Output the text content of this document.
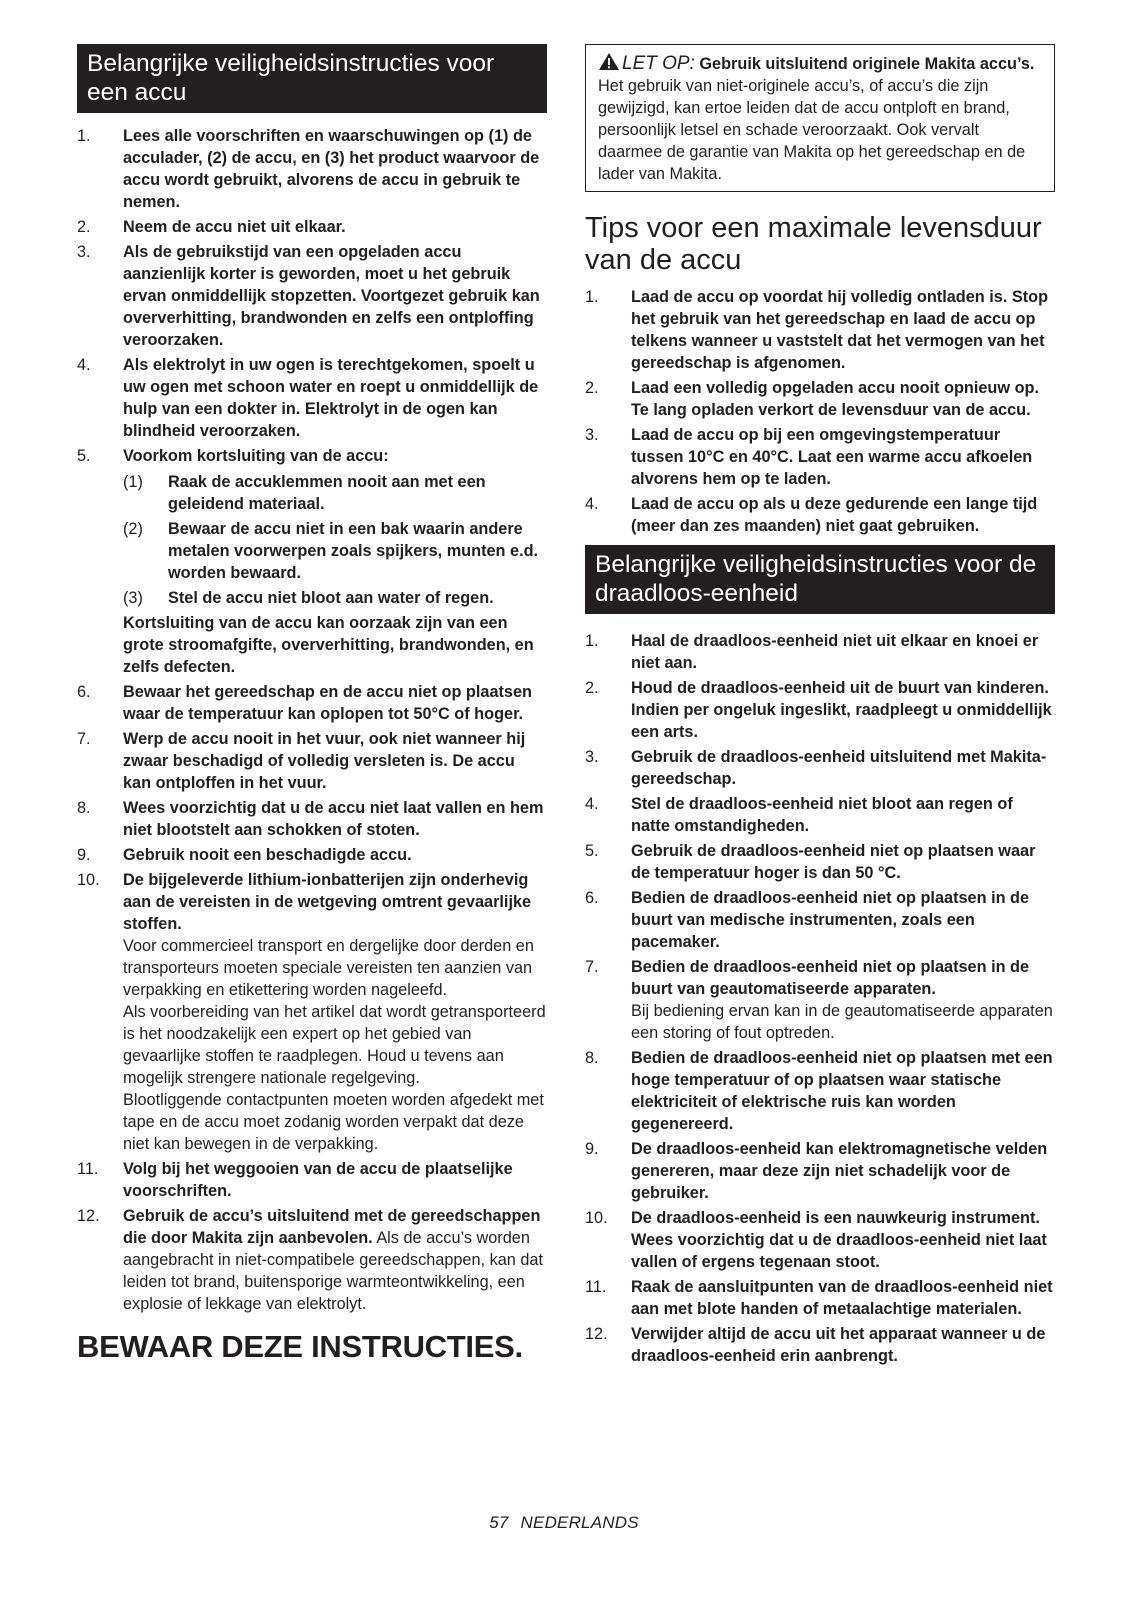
Belangrijke veiligheidsinstructies voor een accu
1. Lees alle voorschriften en waarschuwingen op (1) de acculader, (2) de accu, en (3) het product waarvoor de accu wordt gebruikt, alvorens de accu in gebruik te nemen.
2. Neem de accu niet uit elkaar.
3. Als de gebruikstijd van een opgeladen accu aanzienlijk korter is geworden, moet u het gebruik ervan onmiddellijk stopzetten. Voortgezet gebruik kan oververhitting, brandwonden en zelfs een ontploffing veroorzaken.
4. Als elektrolyt in uw ogen is terechtgekomen, spoelt u uw ogen met schoon water en roept u onmiddellijk de hulp van een dokter in. Elektrolyt in de ogen kan blindheid veroorzaken.
5. Voorkom kortsluiting van de accu:
(1) Raak de accuklemmen nooit aan met een geleidend materiaal.
(2) Bewaar de accu niet in een bak waarin andere metalen voorwerpen zoals spijkers, munten e.d. worden bewaard.
(3) Stel de accu niet bloot aan water of regen.
Kortsluiting van de accu kan oorzaak zijn van een grote stroomafgifte, oververhitting, brandwonden, en zelfs defecten.
6. Bewaar het gereedschap en de accu niet op plaatsen waar de temperatuur kan oplopen tot 50°C of hoger.
7. Werp de accu nooit in het vuur, ook niet wanneer hij zwaar beschadigd of volledig versleten is. De accu kan ontploffen in het vuur.
8. Wees voorzichtig dat u de accu niet laat vallen en hem niet blootstelt aan schokken of stoten.
9. Gebruik nooit een beschadigde accu.
10. De bijgeleverde lithium-ionbatterijen zijn onderhevig aan de vereisten in de wetgeving omtrent gevaarlijke stoffen.
Voor commercieel transport en dergelijke door derden en transporteurs moeten speciale vereisten ten aanzien van verpakking en etikettering worden nageleefd.
Als voorbereiding van het artikel dat wordt getransporteerd is het noodzakelijk een expert op het gebied van gevaarlijke stoffen te raadplegen. Houd u tevens aan mogelijk strengere nationale regelgeving.
Blootliggende contactpunten moeten worden afgedekt met tape en de accu moet zodanig worden verpakt dat deze niet kan bewegen in de verpakking.
11. Volg bij het weggooien van de accu de plaatselijke voorschriften.
12. Gebruik de accu’s uitsluitend met de gereedschappen die door Makita zijn aanbevolen. Als de accu’s worden aangebracht in niet-compatibele gereedschappen, kan dat leiden tot brand, buitensporige warmteontwikkeling, een explosie of lekkage van elektrolyt.
BEWAAR DEZE INSTRUCTIES.
LET OP: Gebruik uitsluitend originele Makita accu’s. Het gebruik van niet-originele accu’s, of accu’s die zijn gewijzigd, kan ertoe leiden dat de accu ontploft en brand, persoonlijk letsel en schade veroorzaakt. Ook vervalt daarmee de garantie van Makita op het gereedschap en de lader van Makita.
Tips voor een maximale levensduur van de accu
1. Laad de accu op voordat hij volledig ontladen is. Stop het gebruik van het gereedschap en laad de accu op telkens wanneer u vaststelt dat het vermogen van het gereedschap is afgenomen.
2. Laad een volledig opgeladen accu nooit opnieuw op. Te lang opladen verkort de levensduur van de accu.
3. Laad de accu op bij een omgevingstemperatuur tussen 10°C en 40°C. Laat een warme accu afkoelen alvorens hem op te laden.
4. Laad de accu op als u deze gedurende een lange tijd (meer dan zes maanden) niet gaat gebruiken.
Belangrijke veiligheidsinstructies voor de draadloos-eenheid
1. Haal de draadloos-eenheid niet uit elkaar en knoei er niet aan.
2. Houd de draadloos-eenheid uit de buurt van kinderen. Indien per ongeluk ingeslikt, raadpleegt u onmiddellijk een arts.
3. Gebruik de draadloos-eenheid uitsluitend met Makita-gereedschap.
4. Stel de draadloos-eenheid niet bloot aan regen of natte omstandigheden.
5. Gebruik de draadloos-eenheid niet op plaatsen waar de temperatuur hoger is dan 50 °C.
6. Bedien de draadloos-eenheid niet op plaatsen in de buurt van medische instrumenten, zoals een pacemaker.
7. Bedien de draadloos-eenheid niet op plaatsen in de buurt van geautomatiseerde apparaten.
Bij bediening ervan kan in de geautomatiseerde apparaten een storing of fout optreden.
8. Bedien de draadloos-eenheid niet op plaatsen met een hoge temperatuur of op plaatsen waar statische elektriciteit of elektrische ruis kan worden gegenereerd.
9. De draadloos-eenheid kan elektromagnetische velden genereren, maar deze zijn niet schadelijk voor de gebruiker.
10. De draadloos-eenheid is een nauwkeurig instrument. Wees voorzichtig dat u de draadloos-eenheid niet laat vallen of ergens tegenaan stoot.
11. Raak de aansluitpunten van de draadloos-eenheid niet aan met blote handen of metaalachtige materialen.
12. Verwijder altijd de accu uit het apparaat wanneer u de draadloos-eenheid erin aanbrengt.
57 NEDERLANDS
